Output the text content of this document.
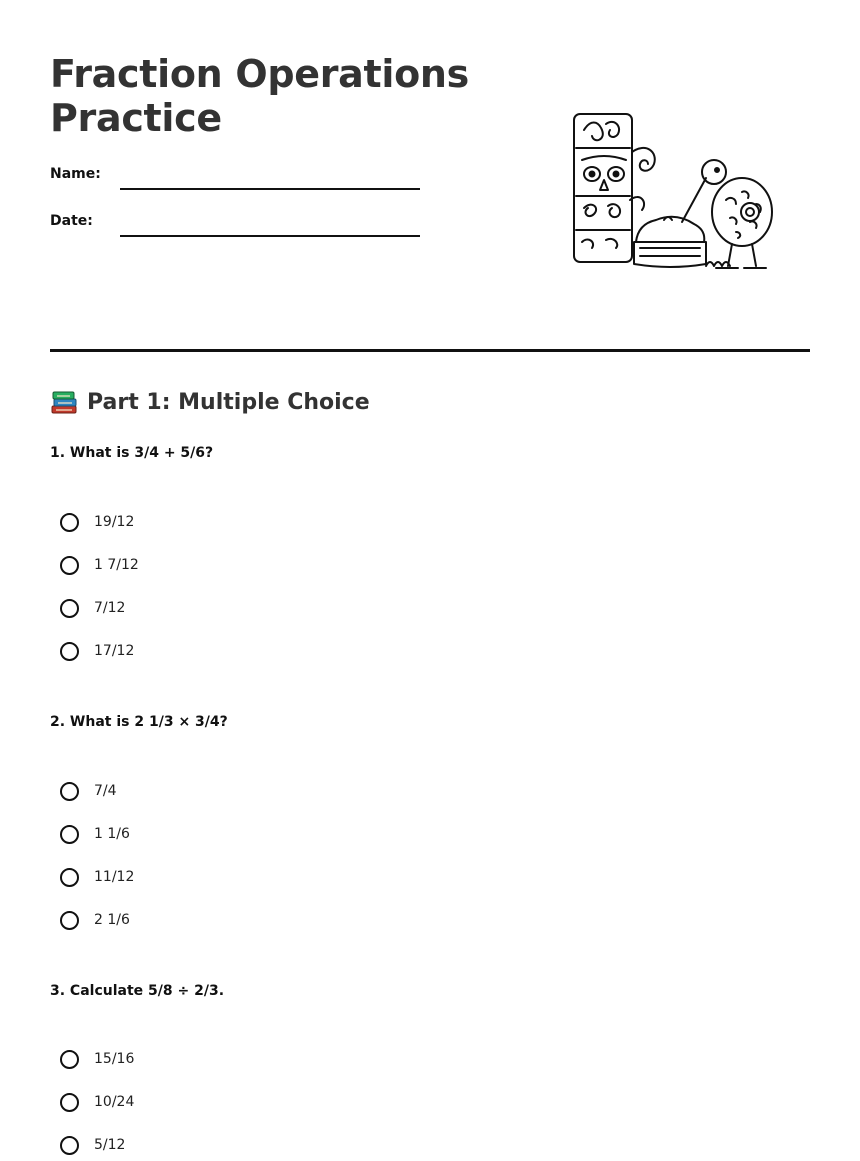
Fraction Operations Practice
Name:
Date:
Part 1: Multiple Choice
1. What is 3/4 + 5/6?
19/12
1 7/12
7/12
17/12
2. What is 2 1/3 × 3/4?
7/4
1 1/6
11/12
2 1/6
3. Calculate 5/8 ÷ 2/3.
15/16
10/24
5/12
